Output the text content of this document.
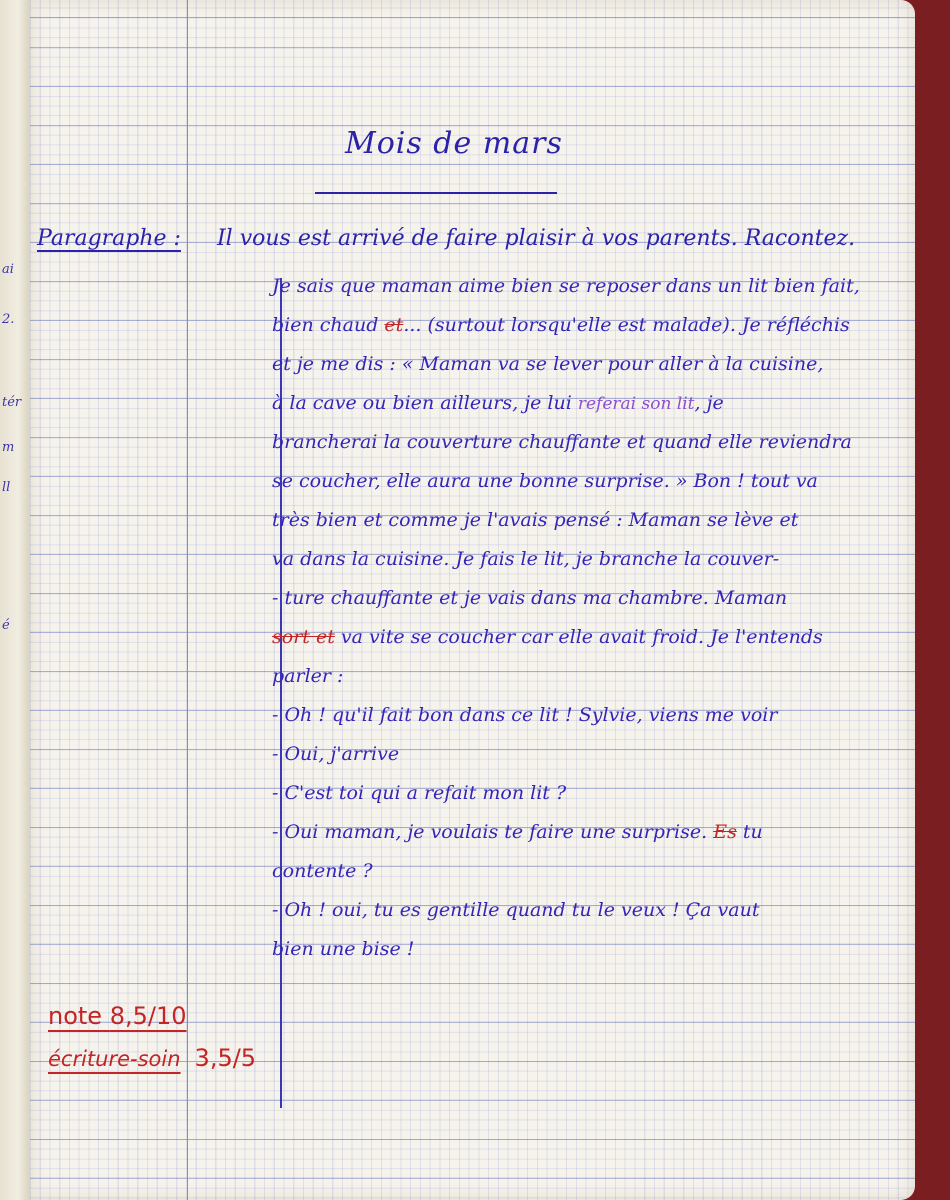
ai
2.
tér
m
ll
é
Mois de mars
Paragraphe : Il vous est arrivé de faire plaisir à vos parents. Racontez.
Je sais que maman aime bien se reposer dans un lit bien fait,
bien chaud et... (surtout lorsqu'elle est malade). Je réfléchis
et je me dis : « Maman va se lever pour aller à la cuisine,
à la cave ou bien ailleurs, je lui referai son lit, je
brancherai la couverture chauffante et quand elle reviendra
se coucher, elle aura une bonne surprise. » Bon ! tout va
très bien et comme je l'avais pensé : Maman se lève et
va dans la cuisine. Je fais le lit, je branche la couver-
- ture chauffante et je vais dans ma chambre. Maman
sort et va vite se coucher car elle avait froid. Je l'entends
parler :
- Oh ! qu'il fait bon dans ce lit ! Sylvie, viens me voir
- Oui, j'arrive
- C'est toi qui a refait mon lit ?
- Oui maman, je voulais te faire une surprise. Es tu
contente ?
- Oh ! oui, tu es gentille quand tu le veux ! Ça vaut
bien une bise !
note 8,5/10
écriture-soin 3,5/5
